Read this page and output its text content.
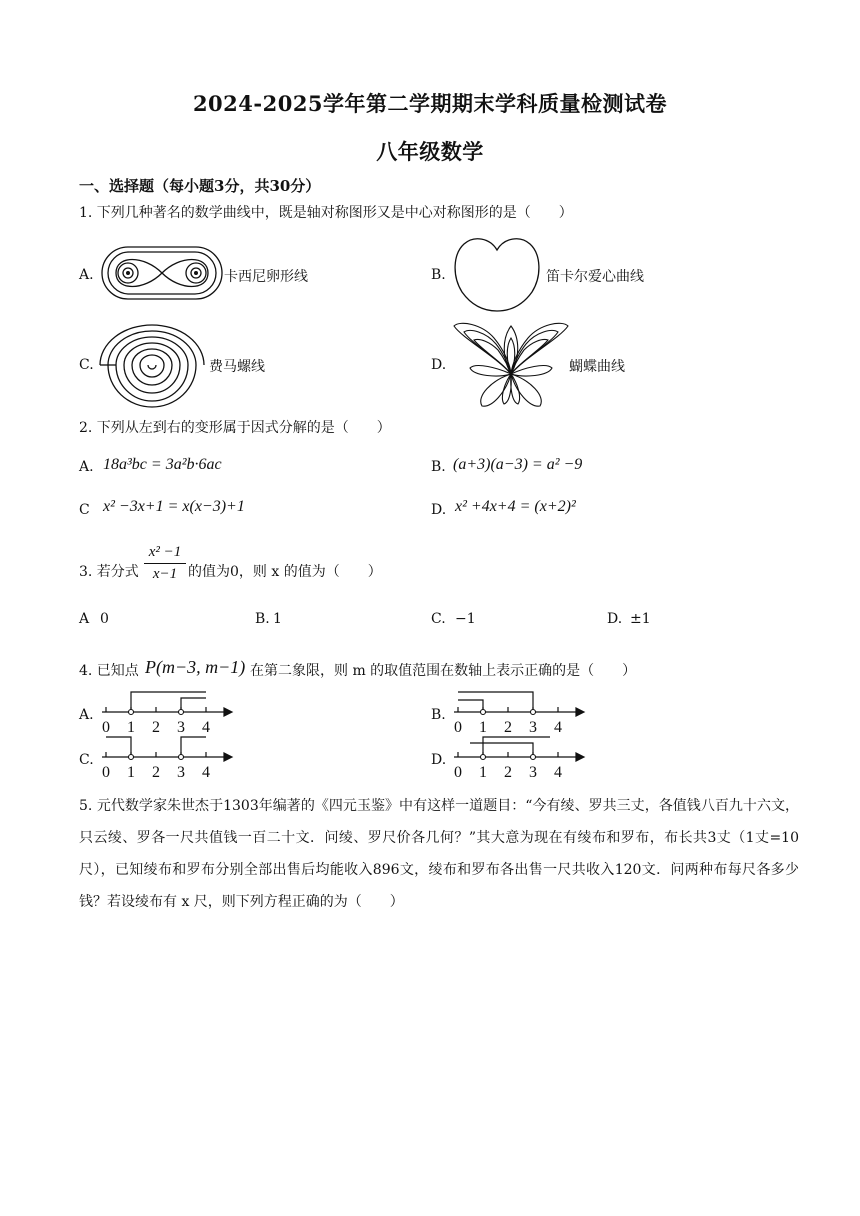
2024-2025学年第二学期期末学科质量检测试卷
八年级数学
一、选择题（每小题3分，共30分）
1. 下列几种著名的数学曲线中，既是轴对称图形又是中心对称图形的是（　　）
A.	卡西尼卵形线	B.	笛卡尔爱心曲线
C.	费马螺线	D.	蝴蝶曲线
2. 下列从左到右的变形属于因式分解的是（　　）
A. 18a³bc = 3a²b·6ac	B. (a+3)(a−3) = a² −9
C x² −3x+1 = x(x−3)+1	D. x² +4x+4 = (x+2)²
3. 若分式 $\frac{\text{x² −1}}{x-1}$ 的值为0，则 x 的值为（　　）
A 0	B. 1	C. −1	D. ±1
4. 已知点 P(m−3, m−1) 在第二象限，则 m 的取值范围在数轴上表示正确的是（　　）
A.
0 1 2 3 4
B.
0 1 2 3 4
C.
0 1 2 3 4
D.
0 1 2 3 4
5. 元代数学家朱世杰于1303年编著的《四元玉鉴》中有这样一道题目：“今有绫、罗共三丈，各值钱八百九十六文，只云绫、罗各一尺共值钱一百二十文．问绫、罗尺价各几何？”其大意为现在有绫布和罗布，布长共3丈（1丈=10尺），已知绫布和罗布分别全部出售后均能收入896文，绫布和罗布各出售一尺共收入120文．问两种布每尺各多少钱？若设绫布有 x 尺，则下列方程正确的为（　　）
